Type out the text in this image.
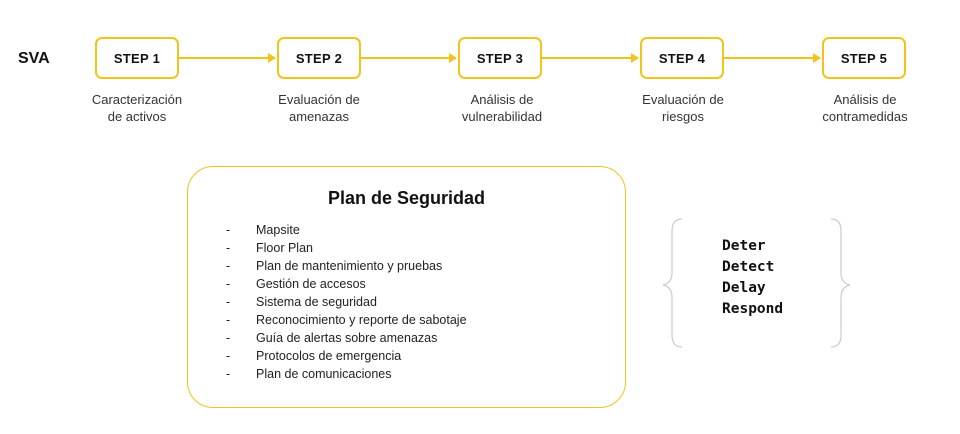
SVA	STEP 1	STEP 2	STEP 3	STEP 4	STEP 5
Caracterización
de activos
Evaluación de
amenazas
Análisis de
vulnerabilidad
Evaluación de
riesgos
Análisis de
contramedidas
Plan de Seguridad
- Mapsite
- Floor Plan
- Plan de mantenimiento y pruebas
- Gestión de accesos
- Sistema de seguridad
- Reconocimiento y reporte de sabotaje
- Guía de alertas sobre amenazas
- Protocolos de emergencia
- Plan de comunicaciones
Deter
Detect
Delay
Respond
